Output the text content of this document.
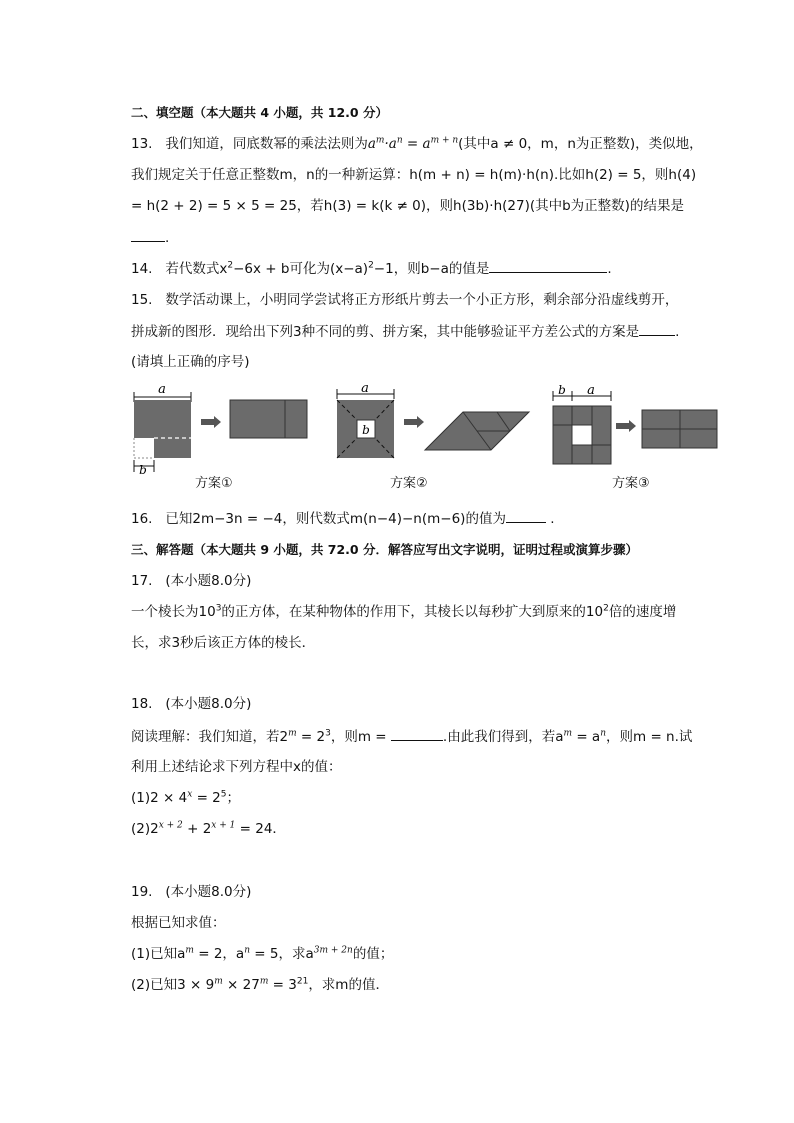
二、填空题（本大题共 4 小题，共 12.0 分）
13. 我们知道，同底数幂的乘法法则为$a^m\cdot a^n = a^{m + n}$(其中a ≠ 0，m，n为正整数)，类似地，
我们规定关于任意正整数m，n的一种新运算：h(m + n) = h(m)·h(n).比如h(2) = 5，则h(4)
= h(2 + 2) = 5 × 5 = 25，若h(3) = k(k ≠ 0)，则h(3b)·h(27)(其中b为正整数)的结果是
.
14. 若代数式$x^2-6x + b$可化为$(x-a)^2-1$，则b−a的值是	.
15. 数学活动课上，小明同学尝试将正方形纸片剪去一个小正方形，剩余部分沿虚线剪开，
拼成新的图形．现给出下列3种不同的剪、拼方案，其中能够验证平方差公式的方案是	.
(请填上正确的序号)
a
b
a
b
b a
方案①	方案②	方案③
16. 已知2m−3n = −4，则代数式m(n−4)−n(m−6)的值为	.
三、解答题（本大题共 9 小题，共 72.0 分．解答应写出文字说明，证明过程或演算步骤）
17. (本小题8.0分)
一个棱长为$10^3$的正方体，在某种物体的作用下，其棱长以每秒扩大到原来的$10^2$倍的速度增
长，求3秒后该正方体的棱长．
18. (本小题8.0分)
阅读理解：我们知道，若$2^m = 2^3$，则m =	.由此我们得到，若$a^m = a^n$，则m = n.试
利用上述结论求下列方程中x的值：
$(1)2 \times 4^x = 2^5$；
$(2)2^{x + 2} + 2^{x + 1} = 24$．
19. (本小题8.0分)
根据已知求值：
(1)已知$a^m = 2$，$a^n = 5$，求$a^{3m + 2n}$的值；
(2)已知$3 \times 9^m \times 27^m = 3^{21}$，求m的值．
